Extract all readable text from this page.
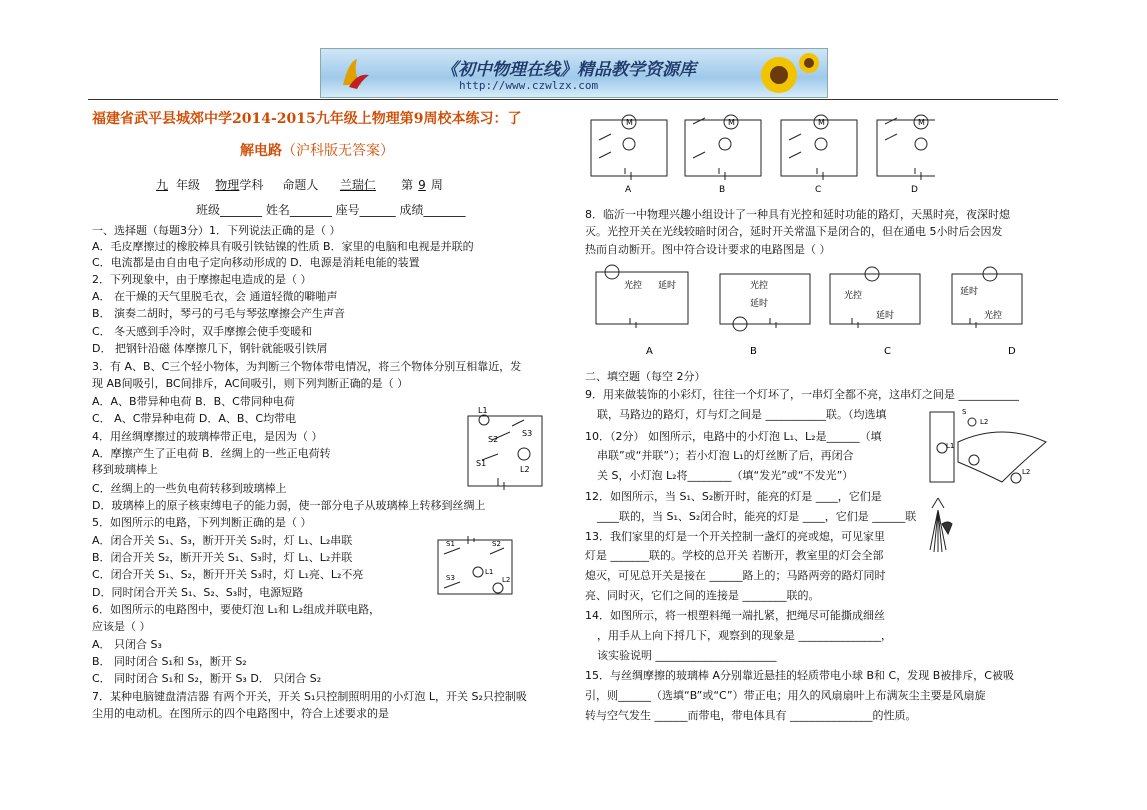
《初中物理在线》精品教学资源库
http://www.czwlzx.com
福建省武平县城郊中学2014-2015九年级上物理第9周校本练习：了
解电路（沪科版无答案）
九 年级 物理学科 命题人 兰瑞仁 第 9 周
班级_______ 姓名_______ 座号______ 成绩_______
一、选择题（每题3分）1．下列说法正确的是（ ）
A．毛皮摩擦过的橡胶棒具有吸引铁钴镍的性质 B．家里的电脑和电视是并联的
C．电流都是由自由电子定向移动形成的 D．电源是消耗电能的装置
2．下列现象中，由于摩擦起电造成的是（ ）
A． 在干燥的天气里脱毛衣，会 通道轻微的噼啪声
B． 演奏二胡时，琴弓的弓毛与琴弦摩擦会产生声音
C． 冬天感到手冷时，双手摩擦会使手变暖和
D． 把钢针沿磁 体摩擦几下，钢针就能吸引铁屑
3．有 A、B、C三个轻小物体，为判断三个物体带电情况，将三个物体分别互相靠近，发
现 AB间吸引，BC间排斥，AC间吸引，则下列判断正确的是（ ）
A．A、B带异种电荷 B．B、C带同种电荷
C． A、C带异种电荷 D．A、B、C均带电
4．用丝绸摩擦过的玻璃棒带正电，是因为（ ）
A．摩擦产生了正电荷 B．丝绸上的一些正电荷转
移到玻璃棒上
C．丝绸上的一些负电荷转移到玻璃棒上
D．玻璃棒上的原子核束缚电子的能力弱，使一部分电子从玻璃棒上转移到丝绸上
5．如图所示的电路，下列判断正确的是（ ）
A．闭合开关 S₁、S₃，断开开关 S₂时，灯 L₁、L₂串联
B．闭合开关 S₂，断开开关 S₁、S₃时，灯 L₁、L₂并联
C．闭合开关 S₁、S₂，断开开关 S₃时，灯 L₁亮、L₂不亮
D．同时闭合开关 S₁、S₂、S₃时，电源短路
6．如图所示的电路图中，要使灯泡 L₁和 L₂组成并联电路，
应该是（ ）
A． 只闭合 S₃
B． 同时闭合 S₁和 S₃，断开 S₂
C． 同时闭合 S₁和 S₂，断开 S₃ D． 只闭合 S₂
7．某种电脑键盘清洁器 有两个开关，开关 S₁只控制照明用的小灯泡 L，开关 S₂只控制吸
尘用的电动机。在图所示的四个电路图中，符合上述要求的是
8．临沂一中物理兴趣小组设计了一种具有光控和延时功能的路灯，天黑时亮，夜深时熄
灭。光控开关在光线较暗时闭合，延时开关常温下是闭合的，但在通电 5小时后会因发
热而自动断开。图中符合设计要求的电路图是（ ）
二、填空题（每空 2分）
9．用来做装饰的小彩灯，往往一个灯坏了，一串灯全都不亮，这串灯之间是 ___________
联，马路边的路灯，灯与灯之间是 ___________联。（均选填
10．（2分） 如图所示，电路中的小灯泡 L₁、L₂是______（填
串联”或“并联”）；若小灯泡 L₁的灯丝断了后，再闭合
关 S，小灯泡 L₂将________（填“发光”或“不发光”）
12．如图所示，当 S₁、S₂断开时，能亮的灯是 ____，它们是
____联的，当 S₁、S₂闭合时，能亮的灯是 ____，它们是 ______联
13．我们家里的灯是一个开关控制一盏灯的亮或熄，可见家里
灯是 _______联的。学校的总开关 若断开，教室里的灯会全部
熄灭，可见总开关是接在 ______路上的；马路两旁的路灯同时
亮、同时灭，它们之间的连接是 ________联的。
14．如图所示，将一根塑料绳一端扎紧，把绳尽可能撕成细丝
，用手从上向下捋几下，观察到的现象是 _______________，
该实验说明 ______________________
15．与丝绸摩擦的玻璃棒 A分别靠近悬挂的轻质带电小球 B和 C，发现 B被排斥，C被吸
引，则______（选填“B”或“C”）带正电；用久的风扇扇叶上布满灰尘主要是风扇旋
转与空气发生 ______而带电，带电体具有 _______________的性质。
L1
S3
S2
S1
L2
S1	S2
S3
L1
L2
M	M	M	M
A	B	C	D
光控 延时	光控
延时
光控
延时
延时
光控
A	B	C	D
S
L2
L1
L2
